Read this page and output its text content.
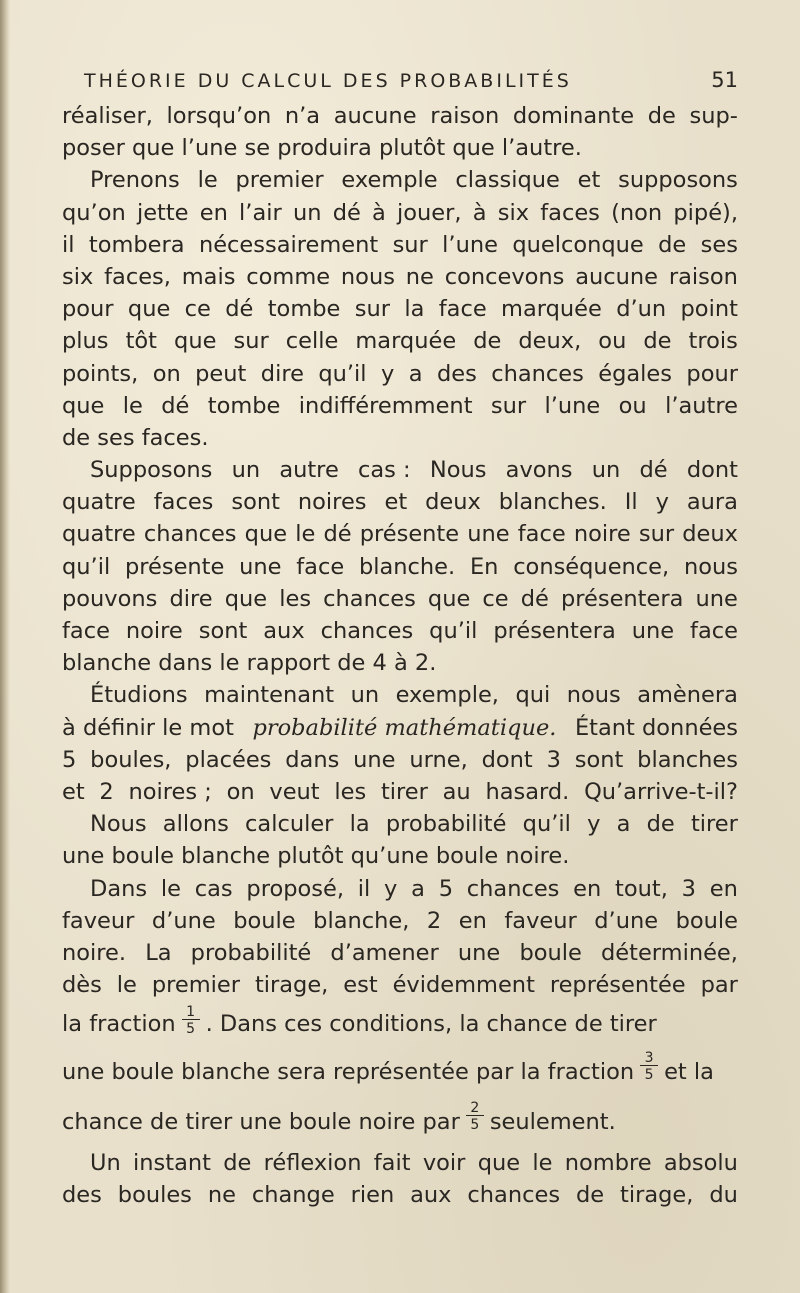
THÉORIE DU CALCUL DES PROBABILITÉS	51
réaliser, lorsqu’on n’a aucune raison dominante de sup-
poser que l’une se produira plutôt que l’autre.
Prenons le premier exemple classique et supposons
qu’on jette en l’air un dé à jouer, à six faces (non pipé),
il tombera nécessairement sur l’une quelconque de ses
six faces, mais comme nous ne concevons aucune raison
pour que ce dé tombe sur la face marquée d’un point
plus tôt que sur celle marquée de deux, ou de trois
points, on peut dire qu’il y a des chances égales pour
que le dé tombe indifféremment sur l’une ou l’autre
de ses faces.
Supposons un autre cas : Nous avons un dé dont
quatre faces sont noires et deux blanches. Il y aura
quatre chances que le dé présente une face noire sur deux
qu’il présente une face blanche. En conséquence, nous
pouvons dire que les chances que ce dé présentera une
face noire sont aux chances qu’il présentera une face
blanche dans le rapport de 4 à 2.
Étudions maintenant un exemple, qui nous amènera
à définir le mot probabilité mathématique. Étant données
5 boules, placées dans une urne, dont 3 sont blanches
et 2 noires ; on veut les tirer au hasard. Qu’arrive-t-il?
Nous allons calculer la probabilité qu’il y a de tirer
une boule blanche plutôt qu’une boule noire.
Dans le cas proposé, il y a 5 chances en tout, 3 en
faveur d’une boule blanche, 2 en faveur d’une boule
noire. La probabilité d’amener une boule déterminée,
dès le premier tirage, est évidemment représentée par
la fraction $\frac{1}{5}$ . Dans ces conditions, la chance de tirer
une boule blanche sera représentée par la fraction $\frac{3}{5}$ et la
chance de tirer une boule noire par $\frac{2}{5}$ seulement.
Un instant de réflexion fait voir que le nombre absolu
des boules ne change rien aux chances de tirage, du
